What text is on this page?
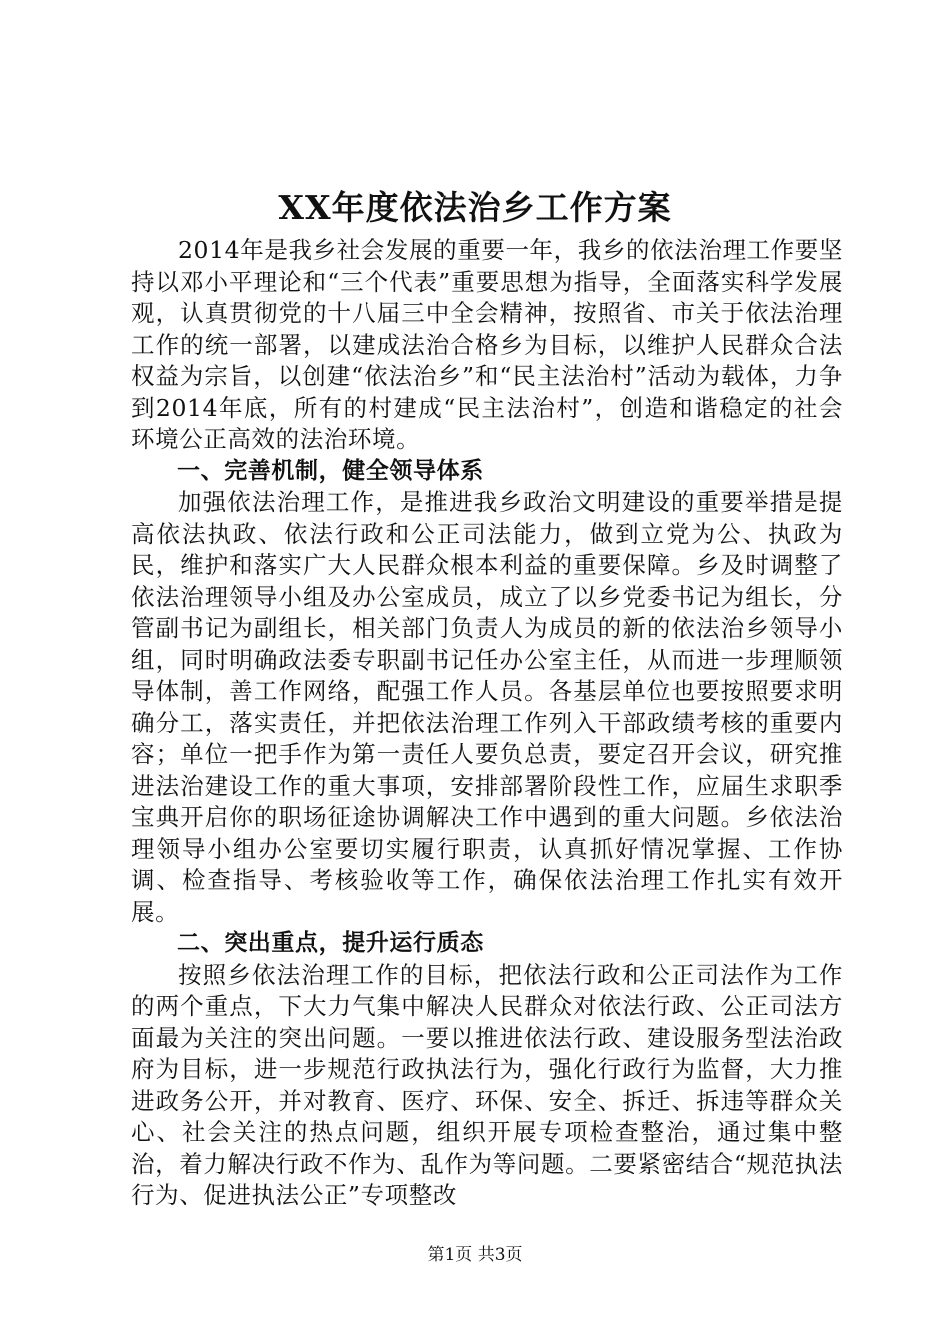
XX年度依法治乡工作方案

2014年是我乡社会发展的重要一年，我乡的依法治理工作要坚持以邓小平理论和“三个代表”重要思想为指导，全面落实科学发展观，认真贯彻党的十八届三中全会精神，按照省、市关于依法治理工作的统一部署，以建成法治合格乡为目标，以维护人民群众合法权益为宗旨，以创建“依法治乡”和“民主法治村”活动为载体，力争到2014年底，所有的村建成“民主法治村”，创造和谐稳定的社会环境公正高效的法治环境。

一、完善机制，健全领导体系

加强依法治理工作，是推进我乡政治文明建设的重要举措是提高依法执政、依法行政和公正司法能力，做到立党为公、执政为民，维护和落实广大人民群众根本利益的重要保障。乡及时调整了依法治理领导小组及办公室成员，成立了以乡党委书记为组长，分管副书记为副组长，相关部门负责人为成员的新的依法治乡领导小组，同时明确政法委专职副书记任办公室主任，从而进一步理顺领导体制，善工作网络，配强工作人员。各基层单位也要按照要求明确分工，落实责任，并把依法治理工作列入干部政绩考核的重要内容；单位一把手作为第一责任人要负总责，要定召开会议，研究推进法治建设工作的重大事项，安排部署阶段性工作，应届生求职季宝典开启你的职场征途协调解决工作中遇到的重大问题。乡依法治理领导小组办公室要切实履行职责，认真抓好情况掌握、工作协调、检查指导、考核验收等工作，确保依法治理工作扎实有效开展。

二、突出重点，提升运行质态

按照乡依法治理工作的目标，把依法行政和公正司法作为工作的两个重点，下大力气集中解决人民群众对依法行政、公正司法方面最为关注的突出问题。一要以推进依法行政、建设服务型法治政府为目标，进一步规范行政执法行为，强化行政行为监督，大力推进政务公开，并对教育、医疗、环保、安全、拆迁、拆违等群众关心、社会关注的热点问题，组织开展专项检查整治，通过集中整治，着力解决行政不作为、乱作为等问题。二要紧密结合“规范执法行为、促进执法公正”专项整改

第1页 共3页
